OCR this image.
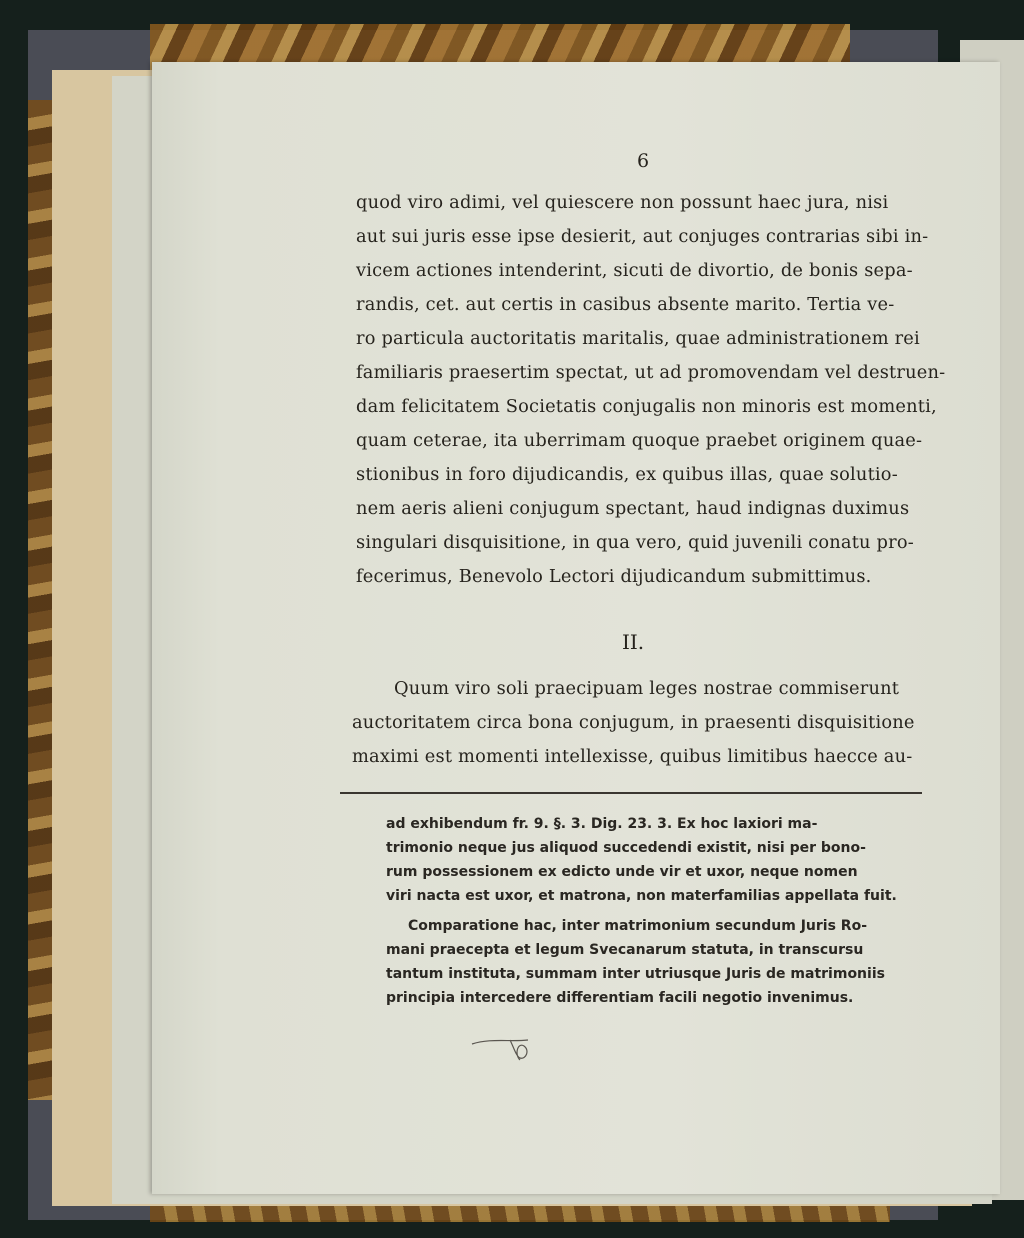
6
quod viro adimi, vel quiescere non possunt haec jura, nisi
aut sui juris esse ipse desierit, aut conjuges contrarias sibi in-
vicem actiones intenderint, sicuti de divortio, de bonis sepa-
randis, cet. aut certis in casibus absente marito. Tertia ve-
ro particula auctoritatis maritalis, quae administrationem rei
familiaris praesertim spectat, ut ad promovendam vel destruen-
dam felicitatem Societatis conjugalis non minoris est momenti,
quam ceterae, ita uberrimam quoque praebet originem quae-
stionibus in foro dijudicandis, ex quibus illas, quae solutio-
nem aeris alieni conjugum spectant, haud indignas duximus
singulari disquisitione, in qua vero, quid juvenili conatu pro-
fecerimus, Benevolo Lectori dijudicandum submittimus.
II.
Quum viro soli praecipuam leges nostrae commiserunt
auctoritatem circa bona conjugum, in praesenti disquisitione
maximi est momenti intellexisse, quibus limitibus haecce au-
ad exhibendum fr. 9. §. 3. Dig. 23. 3. Ex hoc laxiori ma-
trimonio neque jus aliquod succedendi existit, nisi per bono-
rum possessionem ex edicto unde vir et uxor, neque nomen
viri nacta est uxor, et matrona, non materfamilias appellata fuit.
Comparatione hac, inter matrimonium secundum Juris Ro-
mani praecepta et legum Svecanarum statuta, in transcursu
tantum instituta, summam inter utriusque Juris de matrimoniis
principia intercedere differentiam facili negotio invenimus.
